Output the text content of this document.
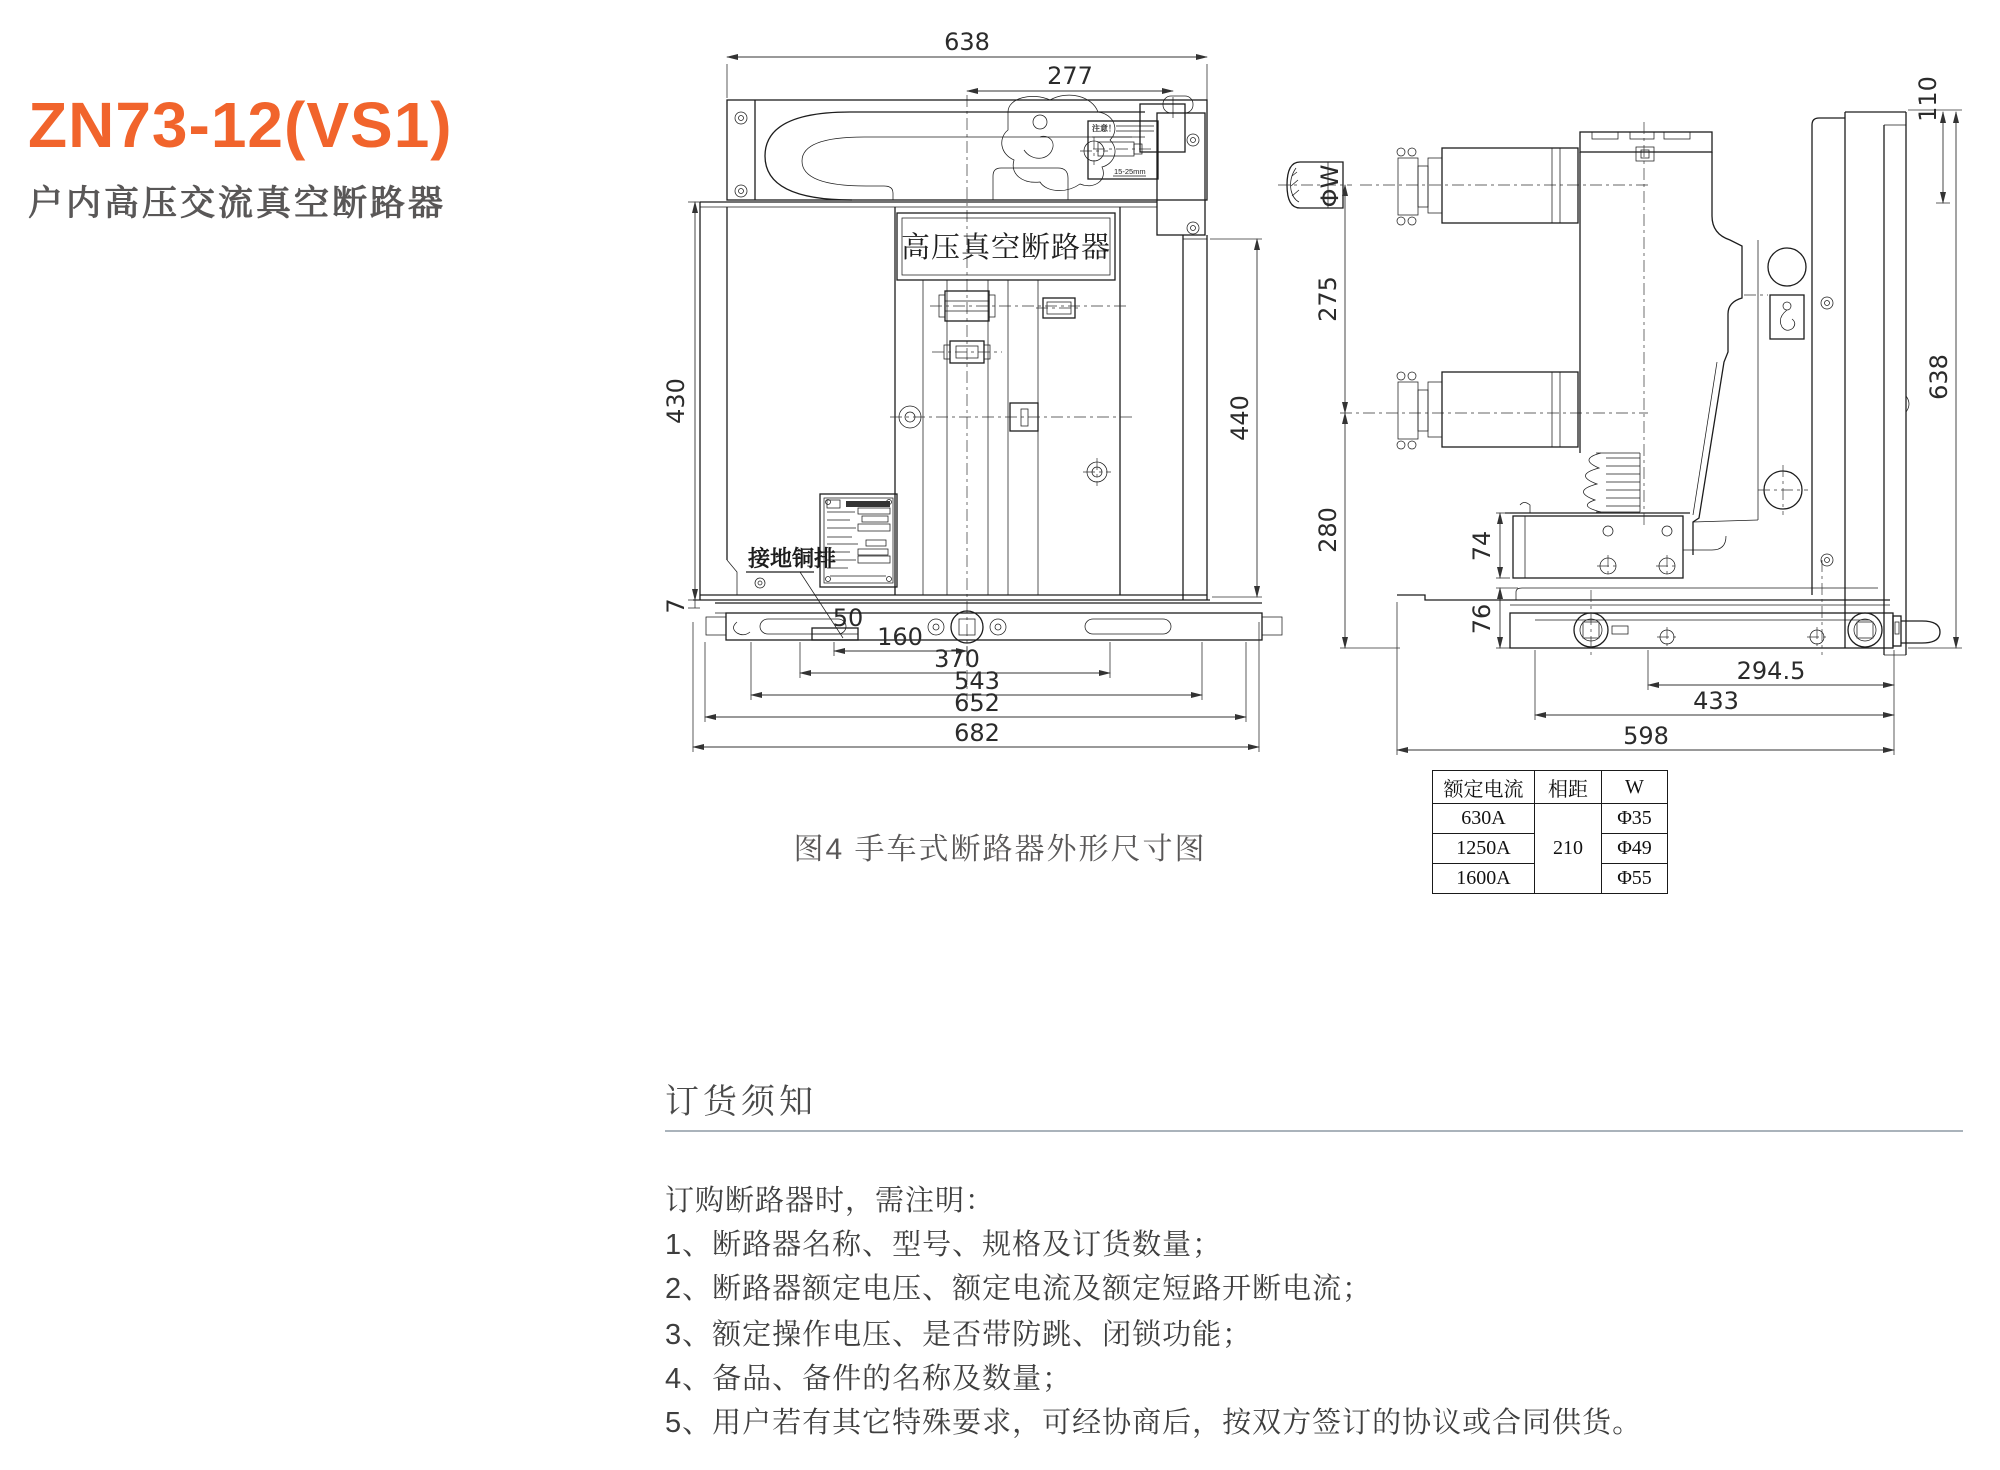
ZN73-12(VS1)
户内高压交流真空断路器
638
277
注意！
15-25mm
高压真空断路器
接地铜排
50
430
7
440
160
370
543
652
682
ΦW
275
280	74
76
110
638
294.5
433
598
图4 手车式断路器外形尺寸图
额定电流	相距	W
630A	210	Φ35
1250A		Φ49
1600A		Φ55
订货须知
订购断路器时，需注明：
1、断路器名称、型号、规格及订货数量；
2、断路器额定电压、额定电流及额定短路开断电流；
3、额定操作电压、是否带防跳、闭锁功能；
4、备品、备件的名称及数量；
5、用户若有其它特殊要求，可经协商后，按双方签订的协议或合同供货。
